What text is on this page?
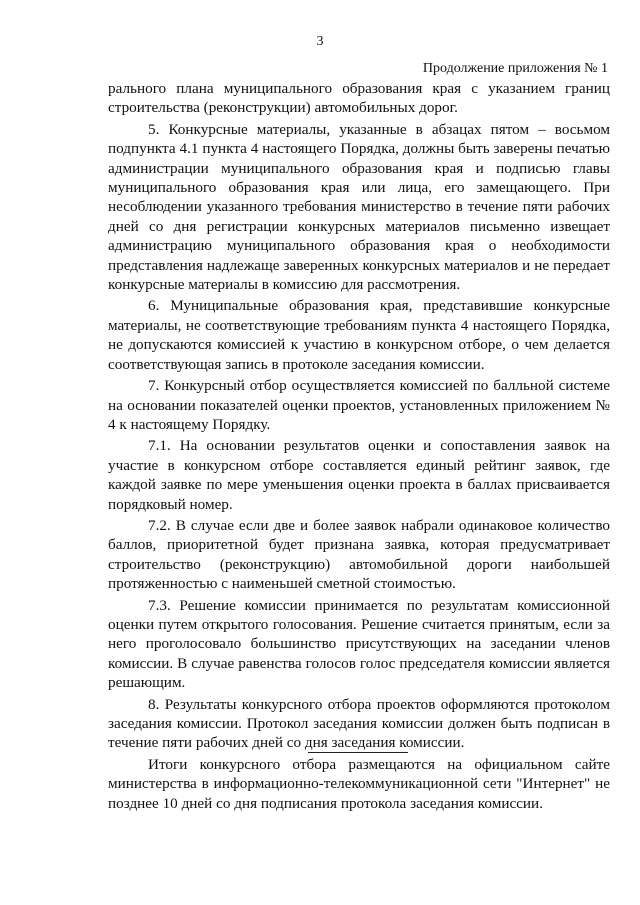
3
Продолжение приложения № 1

рального плана муниципального образования края с указанием границ строительства (реконструкции) автомобильных дорог.

5. Конкурсные материалы, указанные в абзацах пятом – восьмом подпункта 4.1 пункта 4 настоящего Порядка, должны быть заверены печатью администрации муниципального образования края и подписью главы муниципального образования края или лица, его замещающего. При несоблюдении указанного требования министерство в течение пяти рабочих дней со дня регистрации конкурсных материалов письменно извещает администрацию муниципального образования края о необходимости представления надлежаще заверенных конкурсных материалов и не передает конкурсные материалы в комиссию для рассмотрения.

6. Муниципальные образования края, представившие конкурсные материалы, не соответствующие требованиям пункта 4 настоящего Порядка, не допускаются комиссией к участию в конкурсном отборе, о чем делается соответствующая запись в протоколе заседания комиссии.

7. Конкурсный отбор осуществляется комиссией по балльной системе на основании показателей оценки проектов, установленных приложением № 4 к настоящему Порядку.

7.1. На основании результатов оценки и сопоставления заявок на участие в конкурсном отборе составляется единый рейтинг заявок, где каждой заявке по мере уменьшения оценки проекта в баллах присваивается порядковый номер.

7.2. В случае если две и более заявок набрали одинаковое количество баллов, приоритетной будет признана заявка, которая предусматривает строительство (реконструкцию) автомобильной дороги наибольшей протяженностью с наименьшей сметной стоимостью.

7.3. Решение комиссии принимается по результатам комиссионной оценки путем открытого голосования. Решение считается принятым, если за него проголосовало большинство присутствующих на заседании членов комиссии. В случае равенства голосов голос председателя комиссии является решающим.

8. Результаты конкурсного отбора проектов оформляются протоколом заседания комиссии. Протокол заседания комиссии должен быть подписан в течение пяти рабочих дней со дня заседания комиссии.

Итоги конкурсного отбора размещаются на официальном сайте министерства в информационно-телекоммуникационной сети "Интернет" не позднее 10 дней со дня подписания протокола заседания комиссии.
